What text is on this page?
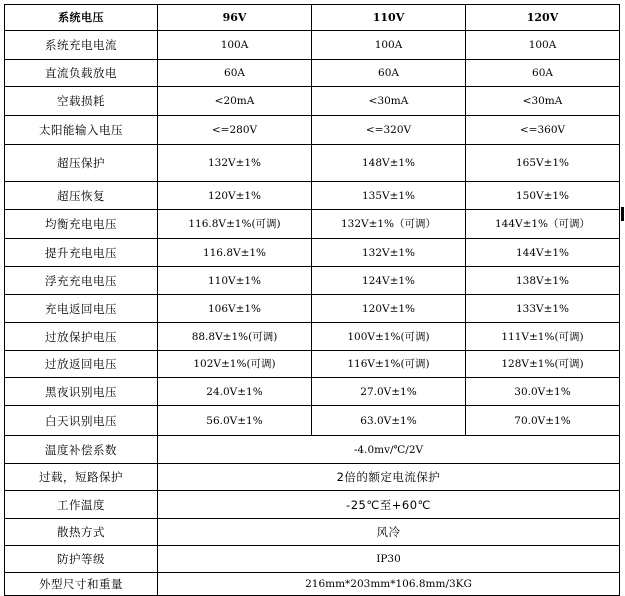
系统电压	96V	110V	120V
系统充电电流	100A	100A	100A
直流负载放电	60A	60A	60A
空载损耗	<20mA	<30mA	<30mA
太阳能输入电压	<=280V	<=320V	<=360V
超压保护	132V±1%	148V±1%	165V±1%
超压恢复	120V±1%	135V±1%	150V±1%
均衡充电电压	116.8V±1%(可调)	132V±1%（可调）	144V±1%（可调）
提升充电电压	116.8V±1%	132V±1%	144V±1%
浮充充电电压	110V±1%	124V±1%	138V±1%
充电返回电压	106V±1%	120V±1%	133V±1%
过放保护电压	88.8V±1%(可调)	100V±1%(可调)	111V±1%(可调)
过放返回电压	102V±1%(可调)	116V±1%(可调)	128V±1%(可调)
黑夜识别电压	24.0V±1%	27.0V±1%	30.0V±1%
白天识别电压	56.0V±1%	63.0V±1%	70.0V±1%
温度补偿系数	-4.0mv/℃/2V		
过载，短路保护	2倍的额定电流保护		
工作温度	-25℃至+60℃		
散热方式	风冷		
防护等级	IP30		
外型尺寸和重量	216mm*203mm*106.8mm/3KG		
